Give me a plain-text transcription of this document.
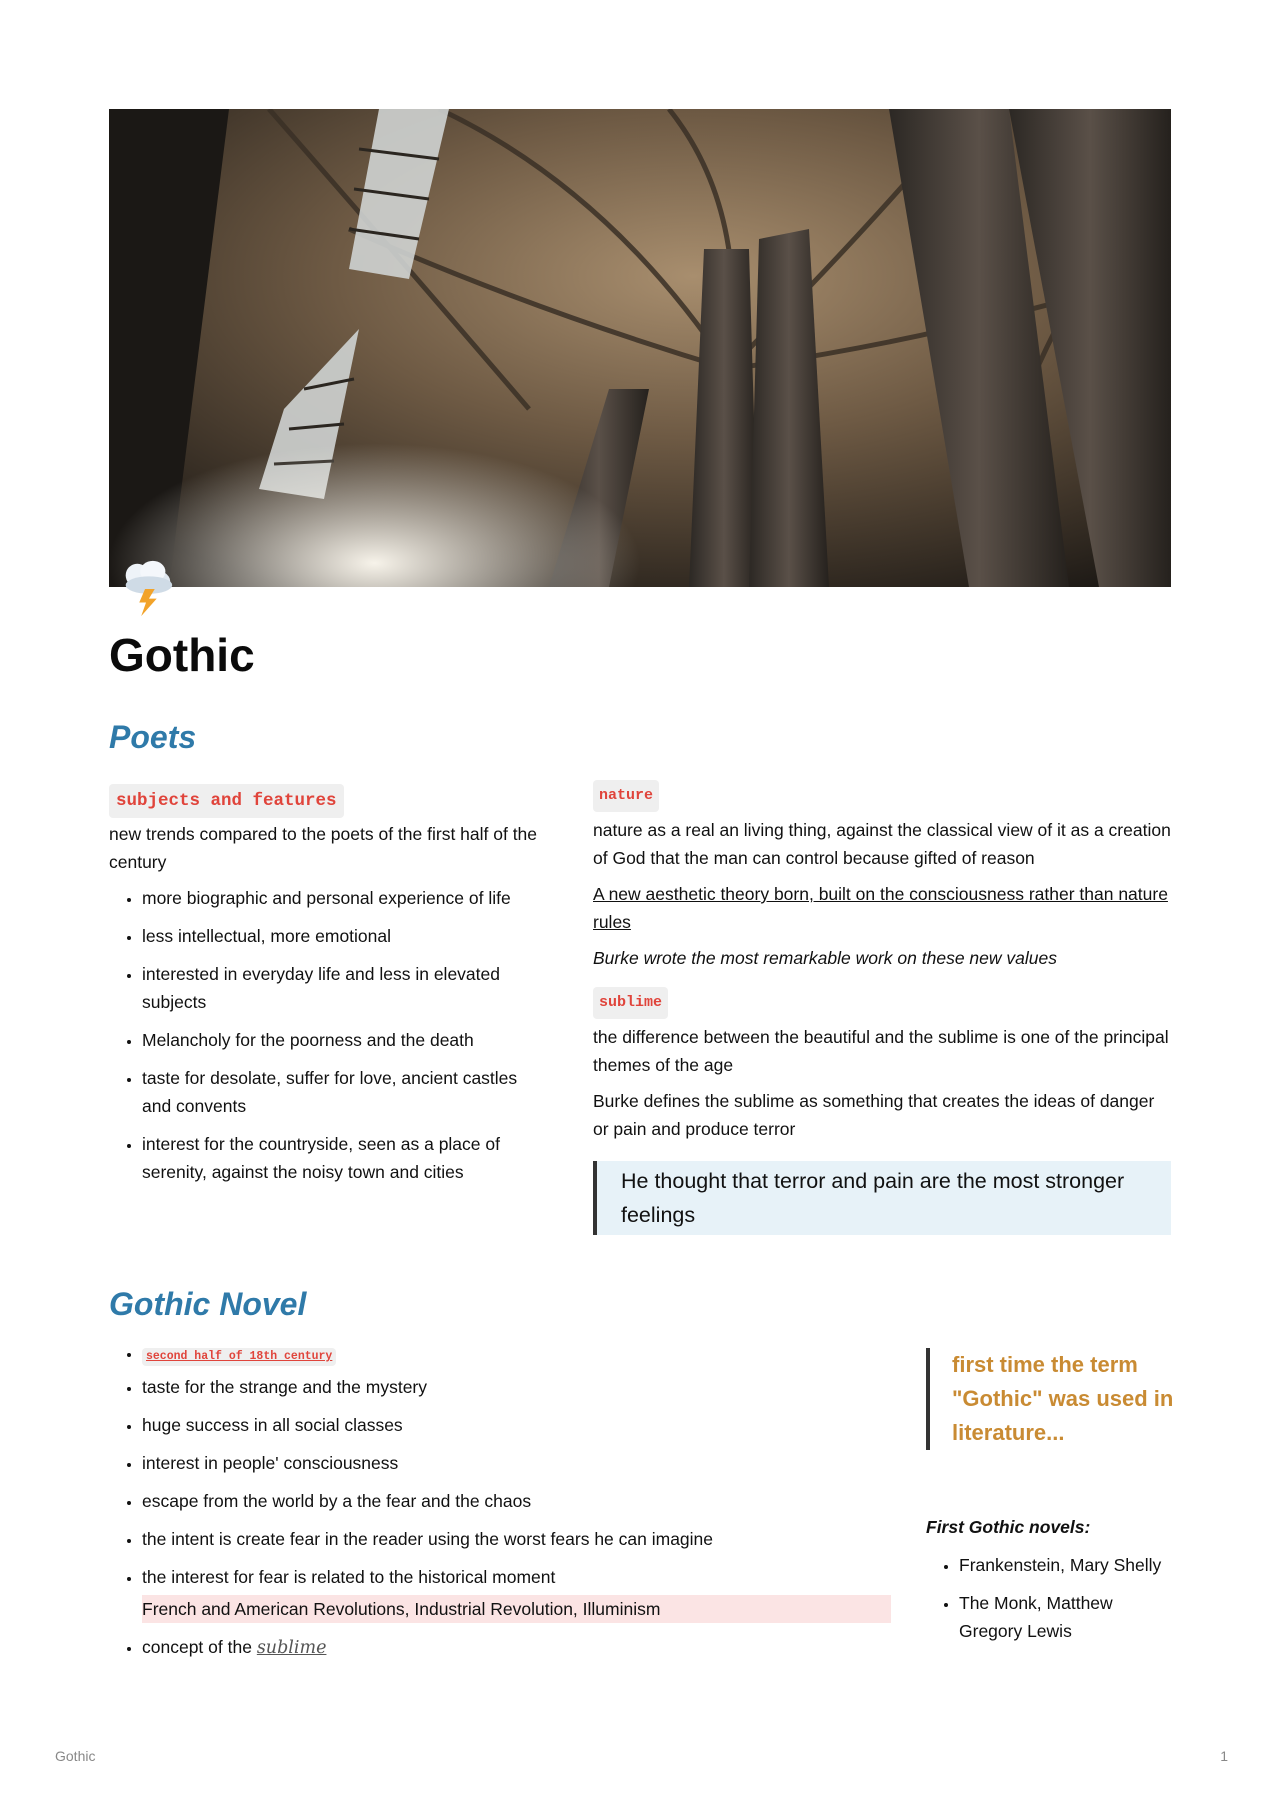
Gothic
Poets
subjects and features

new trends compared to the poets of the first half of the century

• more biographic and personal experience of life
• less intellectual, more emotional
• interested in everyday life and less in elevated subjects
• Melancholy for the poorness and the death
• taste for desolate, suffer for love, ancient castles and convents
• interest for the countryside, seen as a place of serenity, against the noisy town and cities
nature

nature as a real an living thing, against the classical view of it as a creation of God that the man can control because gifted of reason

A new aesthetic theory born, built on the consciousness rather than nature rules

Burke wrote the most remarkable work on these new values

sublime

the difference between the beautiful and the sublime is one of the principal themes of the age

Burke defines the sublime as something that creates the ideas of danger or pain and produce terror

He thought that terror and pain are the most stronger feelings
Gothic Novel
• second half of 18th century
• taste for the strange and the mystery
• huge success in all social classes
• interest in people' consciousness
• escape from the world by a the fear and the chaos
• the intent is create fear in the reader using the worst fears he can imagine
• the interest for fear is related to the historical moment
French and American Revolutions, Industrial Revolution, Illuminism
• concept of the sublime
first time the term "Gothic" was used in literature...

First Gothic novels:

• Frankenstein, Mary Shelly
• The Monk, Matthew Gregory Lewis
Gothic	1
